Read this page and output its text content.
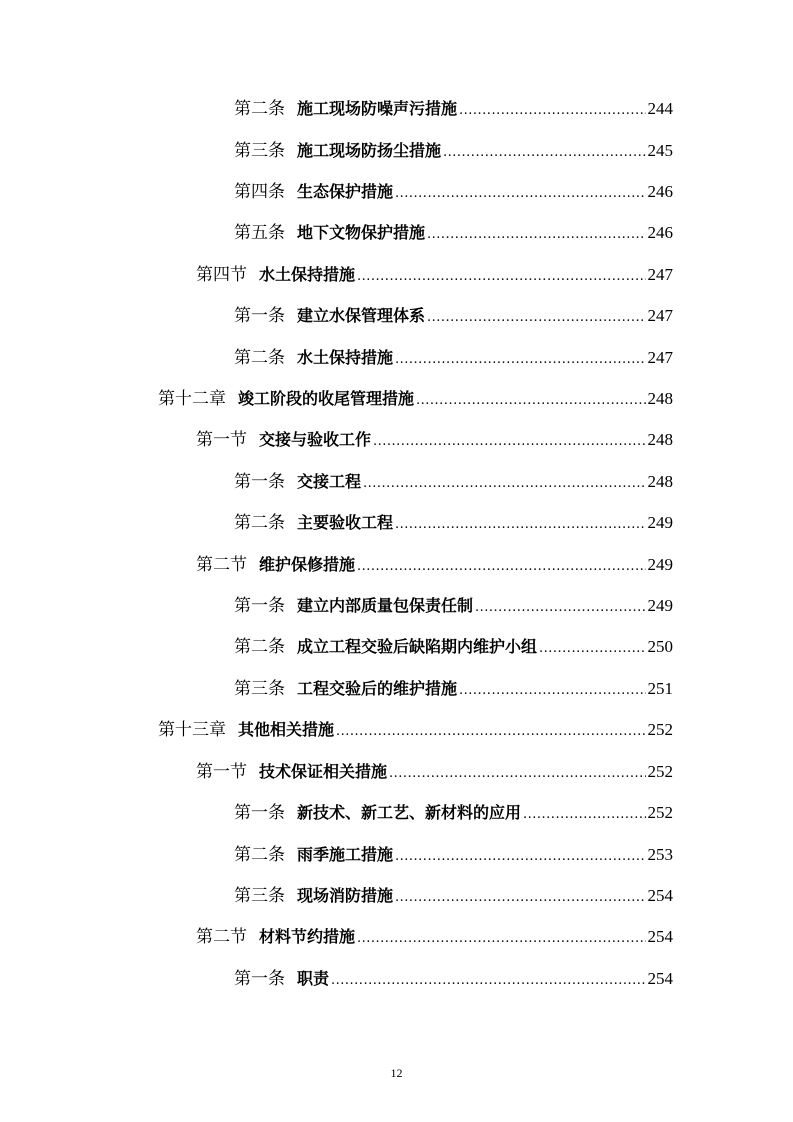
第二条 施工现场防噪声污措施 .....	244
第三条 施工现场防扬尘措施 .....	245
第四条 生态保护措施 .....	246
第五条 地下文物保护措施 .....	246
第四节 水土保持措施 .....	247
第一条 建立水保管理体系 .....	247
第二条 水土保持措施 .....	247
第十二章 竣工阶段的收尾管理措施 .....	248
第一节 交接与验收工作 .....	248
第一条 交接工程 .....	248
第二条 主要验收工程 .....	249
第二节 维护保修措施 .....	249
第一条 建立内部质量包保责任制 .....	249
第二条 成立工程交验后缺陷期内维护小组 .....	250
第三条 工程交验后的维护措施 .....	251
第十三章 其他相关措施 .....	252
第一节 技术保证相关措施 .....	252
第一条 新技术、新工艺、新材料的应用 .....	252
第二条 雨季施工措施 .....	253
第三条 现场消防措施 .....	254
第二节 材料节约措施 .....	254
第一条 职责 .....	254
12
